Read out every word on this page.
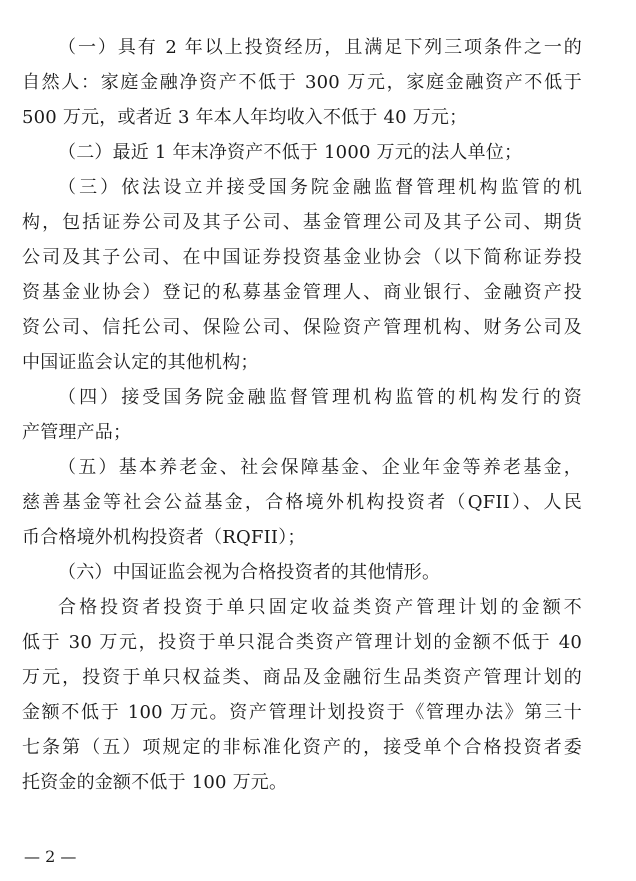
（一）具有 2 年以上投资经历，且满足下列三项条件之一的
自然人：家庭金融净资产不低于 300 万元，家庭金融资产不低于
500 万元，或者近 3 年本人年均收入不低于 40 万元；
（二）最近 1 年末净资产不低于 1000 万元的法人单位；
（三）依法设立并接受国务院金融监督管理机构监管的机
构，包括证券公司及其子公司、基金管理公司及其子公司、期货
公司及其子公司、在中国证券投资基金业协会（以下简称证券投
资基金业协会）登记的私募基金管理人、商业银行、金融资产投
资公司、信托公司、保险公司、保险资产管理机构、财务公司及
中国证监会认定的其他机构；
（四）接受国务院金融监督管理机构监管的机构发行的资
产管理产品；
（五）基本养老金、社会保障基金、企业年金等养老基金，
慈善基金等社会公益基金，合格境外机构投资者（QFII）、人民
币合格境外机构投资者（RQFII）；
（六）中国证监会视为合格投资者的其他情形。
合格投资者投资于单只固定收益类资产管理计划的金额不
低于 30 万元，投资于单只混合类资产管理计划的金额不低于 40
万元，投资于单只权益类、商品及金融衍生品类资产管理计划的
金额不低于 100 万元。资产管理计划投资于《管理办法》第三十
七条第（五）项规定的非标准化资产的，接受单个合格投资者委
托资金的金额不低于 100 万元。
— 2 —
